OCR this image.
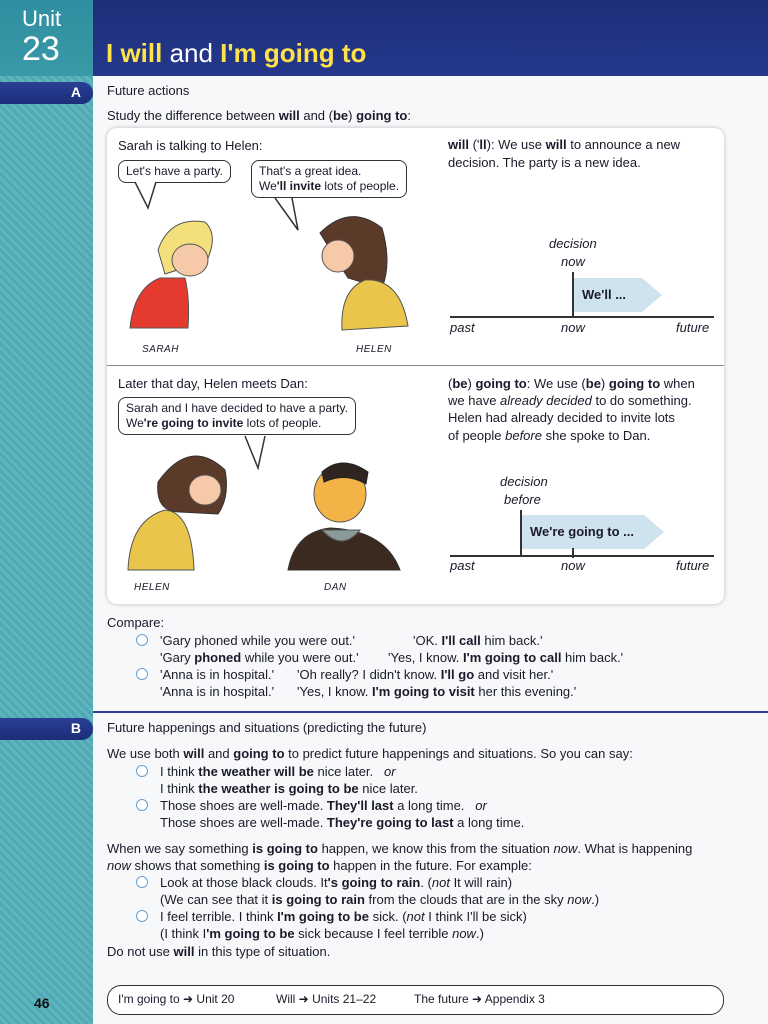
Unit
23 I will and I'm going to
A Future actions
Study the difference between will and (be) going to:
Sarah is talking to Helen:
Let's have a party.	That's a great idea.
We'll invite lots of people.
SARAH	HELEN
will ('ll): We use will to announce a new
decision. The party is a new idea.
decision
now
We'll ...
past	now	future
Later that day, Helen meets Dan:
Sarah and I have decided to have a party.
We're going to invite lots of people.
HELEN	DAN
(be) going to: We use (be) going to when
we have already decided to do something.
Helen had already decided to invite lots
of people before she spoke to Dan.
decision
before
We're going to ...
past	now	future
Compare:
'Gary phoned while you were out.'	'OK. I'll call him back.'
'Gary phoned while you were out.' 'Yes, I know. I'm going to call him back.'
'Anna is in hospital.' 'Oh really? I didn't know. I'll go and visit her.'
'Anna is in hospital.' 'Yes, I know. I'm going to visit her this evening.'
B Future happenings and situations (predicting the future)
We use both will and going to to predict future happenings and situations. So you can say:
I think the weather will be nice later. or
I think the weather is going to be nice later.
Those shoes are well-made. They'll last a long time. or
Those shoes are well-made. They're going to last a long time.
When we say something is going to happen, we know this from the situation now. What is happening
now shows that something is going to happen in the future. For example:
Look at those black clouds. It's going to rain. (not It will rain)
(We can see that it is going to rain from the clouds that are in the sky now.)
I feel terrible. I think I'm going to be sick. (not I think I'll be sick)
(I think I'm going to be sick because I feel terrible now.)
Do not use will in this type of situation.
46	I'm going to ➜ Unit 20	Will ➜ Units 21–22	The future ➜ Appendix 3
